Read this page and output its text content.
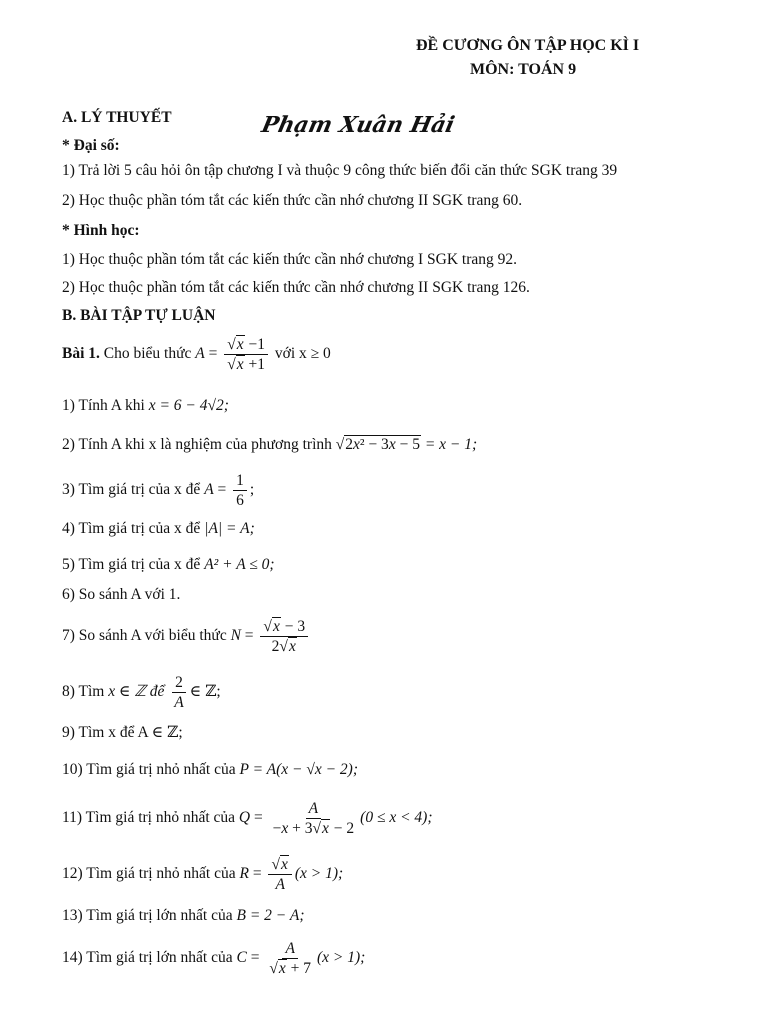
ĐỀ CƯƠNG ÔN TẬP HỌC KÌ I
MÔN: TOÁN 9
A. LÝ THUYẾT	Phạm Xuân Hải
* Đại số:
1) Trả lời 5 câu hỏi ôn tập chương I và thuộc 9 công thức biến đổi căn thức SGK trang 39
2) Học thuộc phần tóm tắt các kiến thức cần nhớ chương II SGK trang 60.
* Hình học:
1) Học thuộc phần tóm tắt các kiến thức cần nhớ chương I SGK trang 92.
2) Học thuộc phần tóm tắt các kiến thức cần nhớ chương II SGK trang 126.
B. BÀI TẬP TỰ LUẬN
Bài 1. Cho biểu thức $A = \frac{√x -1}{√x +1}$ với x ≥ 0
1) Tính A khi x = 6 − 4√2;
2) Tính A khi x là nghiệm của phương trình √2x² − 3x − 5 = x − 1;
3) Tìm giá trị của x để $A = \frac{1}{6}$ ;
4) Tìm giá trị của x để |A| = A;
5) Tìm giá trị của x để A² + A ≤ 0;
6) So sánh A với 1.
7) So sánh A với biểu thức $N = \frac{√x - 3}{2√x}$
8) Tìm x ∈ ℤ để $\frac{2}{A}$ ∈ ℤ;
9) Tìm x để A ∈ ℤ;
10) Tìm giá trị nhỏ nhất của P = A(x − √x − 2);
11) Tìm giá trị nhỏ nhất của $Q = \frac{A}{-x + 3√x - 2} (0 \le x < 4)$;
12) Tìm giá trị nhỏ nhất của $R = \frac{√x}{A} (x > 1)$;
13) Tìm giá trị lớn nhất của B = 2 − A;
14) Tìm giá trị lớn nhất của $C = \frac{A}{√x + 7} (x > 1)$;
